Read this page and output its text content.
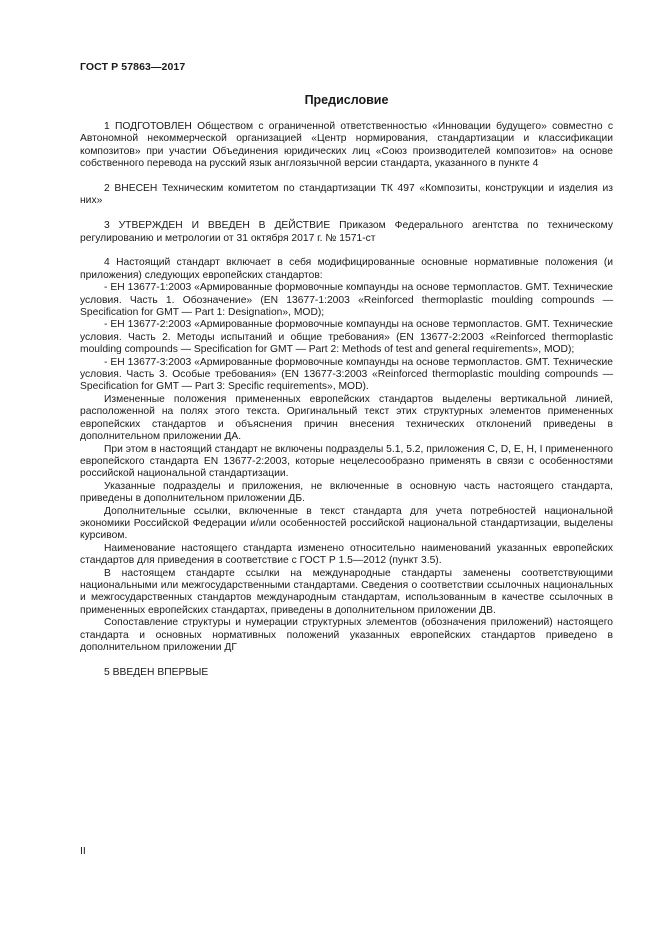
ГОСТ Р 57863—2017
Предисловие

1 ПОДГОТОВЛЕН Обществом с ограниченной ответственностью «Инновации будущего» совместно с Автономной некоммерческой организацией «Центр нормирования, стандартизации и классификации композитов» при участии Объединения юридических лиц «Союз производителей композитов» на основе собственного перевода на русский язык англоязычной версии стандарта, указанного в пункте 4

2 ВНЕСЕН Техническим комитетом по стандартизации ТК 497 «Композиты, конструкции и изделия из них»

3 УТВЕРЖДЕН И ВВЕДЕН В ДЕЙСТВИЕ Приказом Федерального агентства по техническому регулированию и метрологии от 31 октября 2017 г. № 1571-ст

4 Настоящий стандарт включает в себя модифицированные основные нормативные положения (и приложения) следующих европейских стандартов:

- ЕН 13677-1:2003 «Армированные формовочные компаунды на основе термопластов. GMT. Технические условия. Часть 1. Обозначение» (EN 13677-1:2003 «Reinforced thermoplastic moulding compounds — Specification for GMT — Part 1: Designation», MOD);

- ЕН 13677-2:2003 «Армированные формовочные компаунды на основе термопластов. GMT. Технические условия. Часть 2. Методы испытаний и общие требования» (EN 13677-2:2003 «Reinforced thermoplastic moulding compounds — Specification for GMT — Part 2: Methods of test and general requirements», MOD);

- ЕН 13677-3:2003 «Армированные формовочные компаунды на основе термопластов. GMT. Технические условия. Часть 3. Особые требования» (EN 13677-3:2003 «Reinforced thermoplastic moulding compounds — Specification for GMT — Part 3: Specific requirements», MOD).

Измененные положения примененных европейских стандартов выделены вертикальной линией, расположенной на полях этого текста. Оригинальный текст этих структурных элементов примененных европейских стандартов и объяснения причин внесения технических отклонений приведены в дополнительном приложении ДА.

При этом в настоящий стандарт не включены подразделы 5.1, 5.2, приложения С, D, Е, Н, I примененного европейского стандарта EN 13677-2:2003, которые нецелесообразно применять в связи с особенностями российской национальной стандартизации.

Указанные подразделы и приложения, не включенные в основную часть настоящего стандарта, приведены в дополнительном приложении ДБ.

Дополнительные ссылки, включенные в текст стандарта для учета потребностей национальной экономики Российской Федерации и/или особенностей российской национальной стандартизации, выделены курсивом.

Наименование настоящего стандарта изменено относительно наименований указанных европейских стандартов для приведения в соответствие с ГОСТ Р 1.5—2012 (пункт 3.5).

В настоящем стандарте ссылки на международные стандарты заменены соответствующими национальными или межгосударственными стандартами. Сведения о соответствии ссылочных национальных и межгосударственных стандартов международным стандартам, использованным в качестве ссылочных в примененных европейских стандартах, приведены в дополнительном приложении ДВ.

Сопоставление структуры и нумерации структурных элементов (обозначения приложений) настоящего стандарта и основных нормативных положений указанных европейских стандартов приведено в дополнительном приложении ДГ

5 ВВЕДЕН ВПЕРВЫЕ

II
